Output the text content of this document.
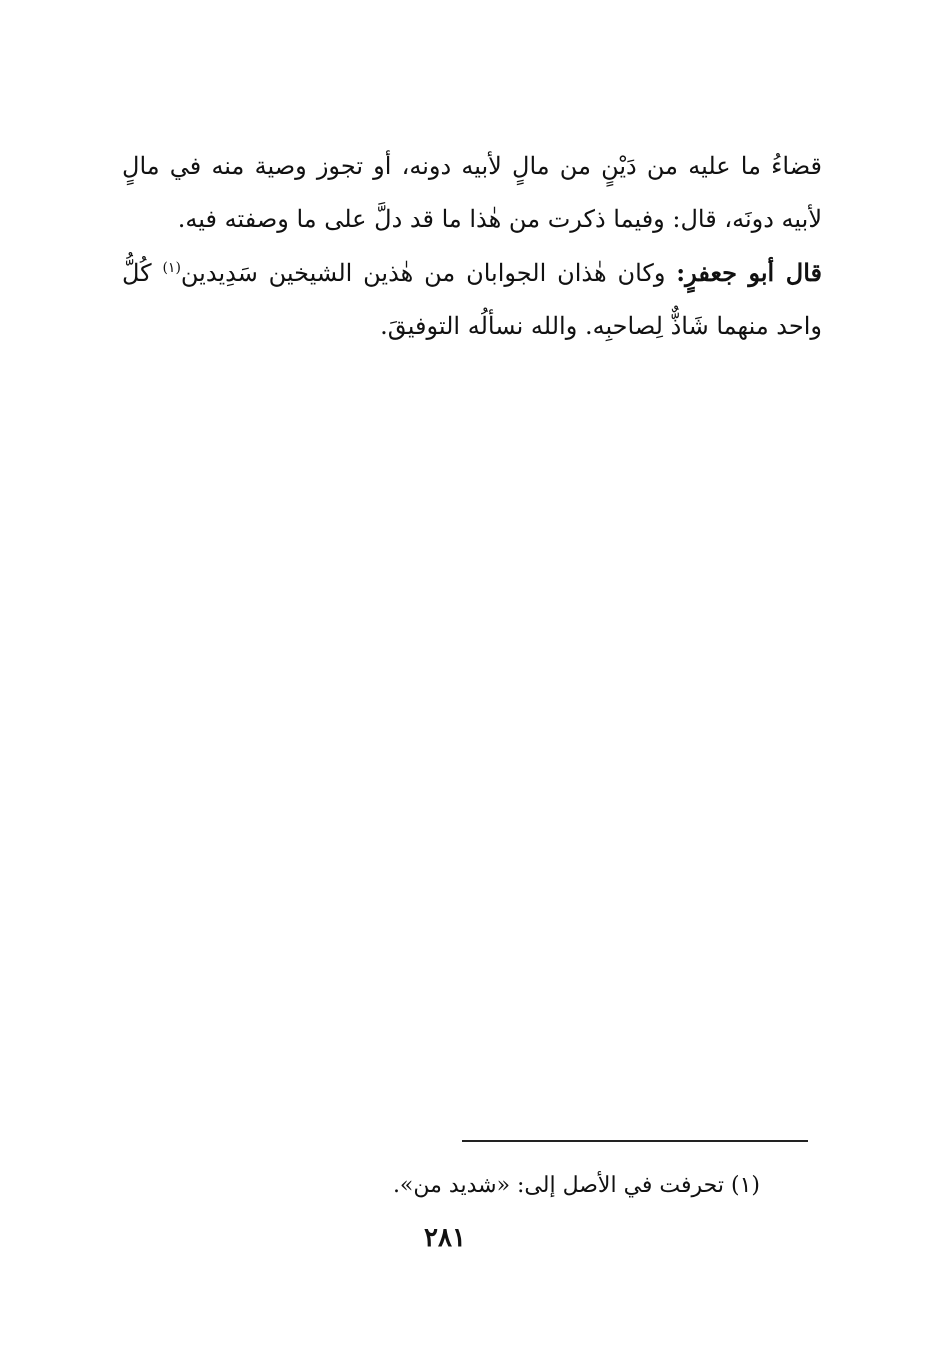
قضاءُ ما عليه من دَيْنٍ من مالٍ لأبيه دونه، أو تجوز وصية منه في مالٍ لأبيه دونَه، قال: وفيما ذكرت من هٰذا ما قد دلَّ على ما وصفته فيه.

قال أبو جعفرٍ: وكان هٰذان الجوابان من هٰذين الشيخين سَدِيدين$^{(١)}$ كُلُّ واحد منهما شَاذٌّ لِصاحبِه. والله نسألُه التوفيقَ.

(١) تحرفت في الأصل إلى: «شديد من».
٢٨١
